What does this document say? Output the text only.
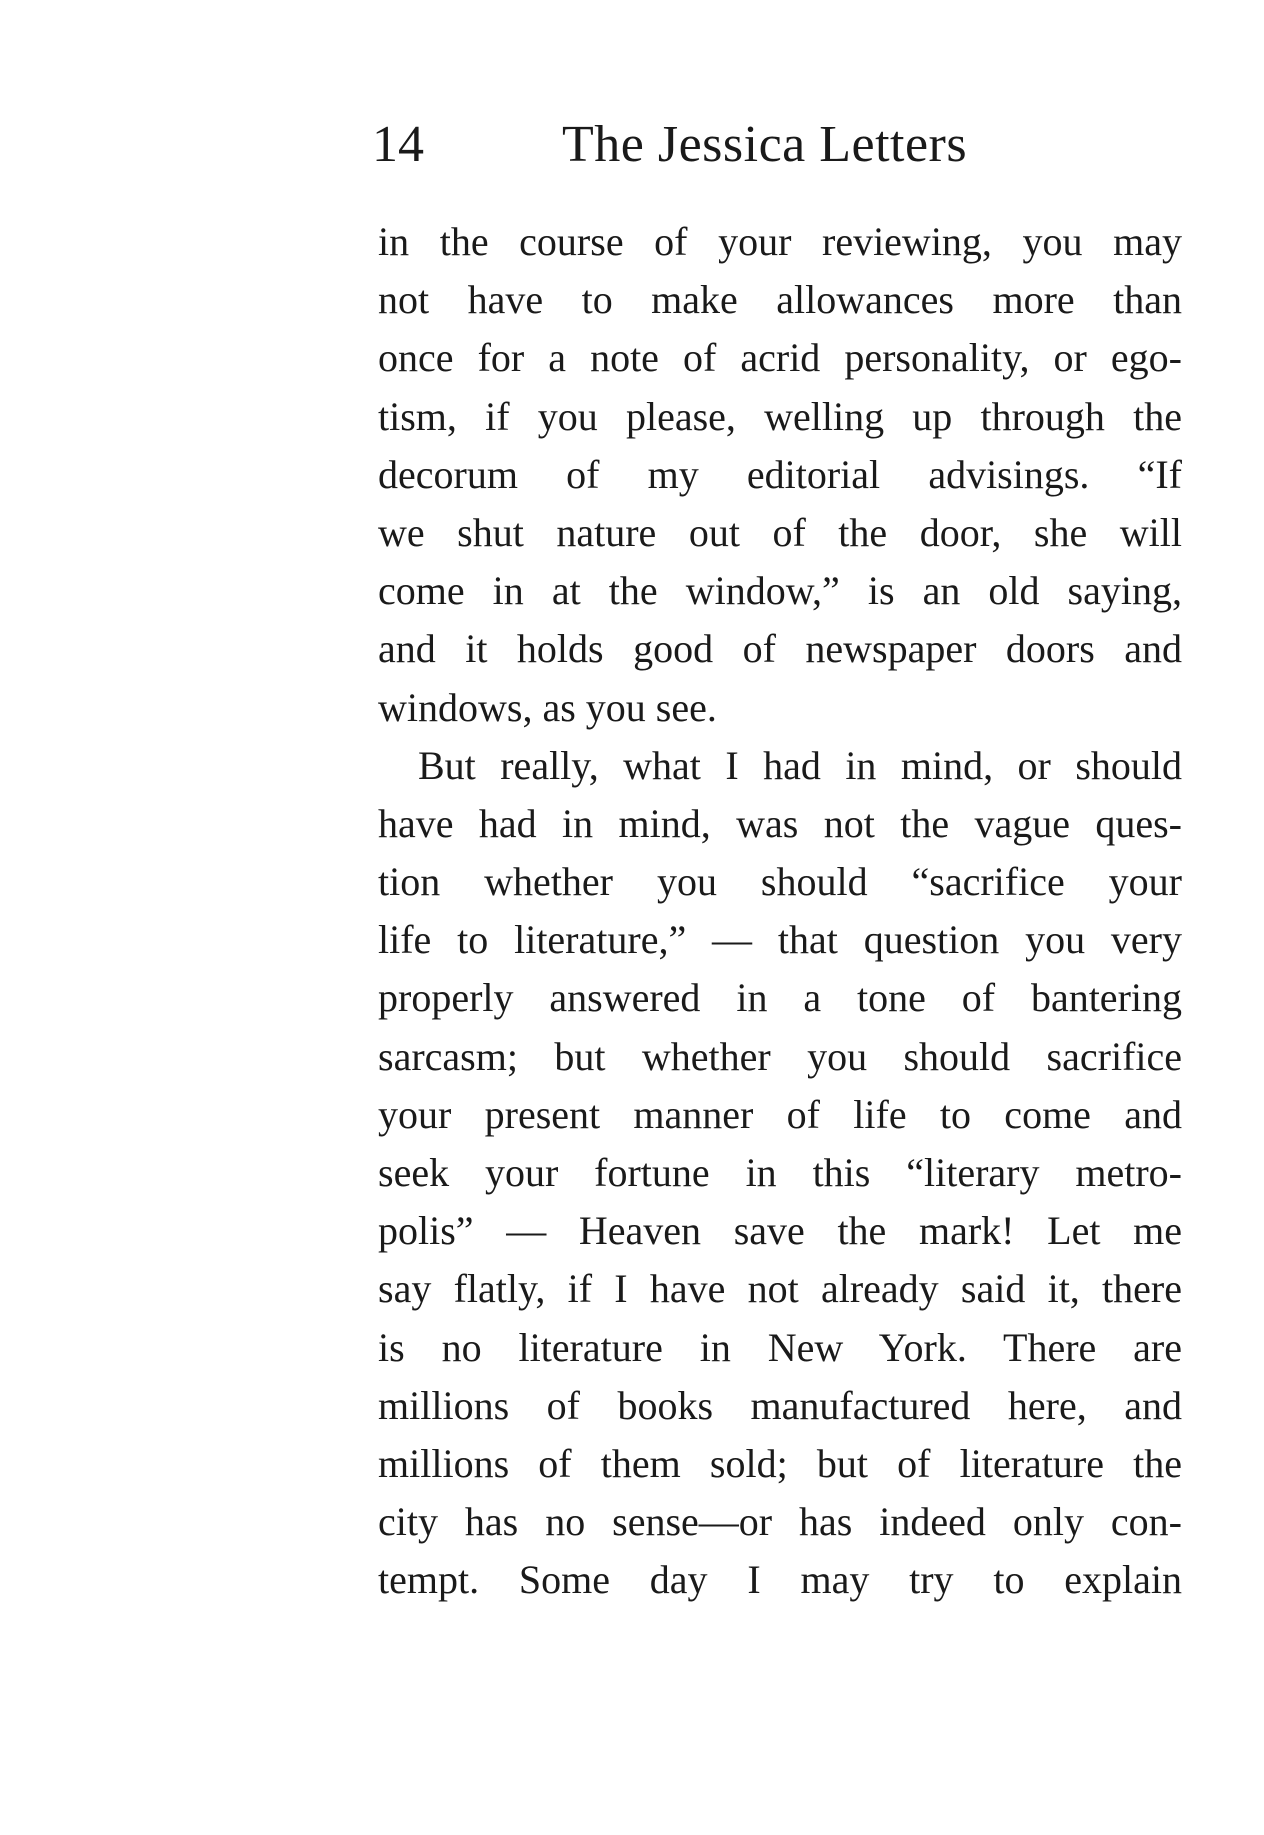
14	The Jessica Letters
in the course of your reviewing, you may
not have to make allowances more than
once for a note of acrid personality, or ego-
tism, if you please, welling up through the
decorum of my editorial advisings. “If
we shut nature out of the door, she will
come in at the window,” is an old saying,
and it holds good of newspaper doors and
windows, as you see.
But really, what I had in mind, or should
have had in mind, was not the vague ques-
tion whether you should “sacrifice your
life to literature,” — that question you very
properly answered in a tone of bantering
sarcasm; but whether you should sacrifice
your present manner of life to come and
seek your fortune in this “literary metro-
polis” — Heaven save the mark! Let me
say flatly, if I have not already said it, there
is no literature in New York. There are
millions of books manufactured here, and
millions of them sold; but of literature the
city has no sense—or has indeed only con-
tempt. Some day I may try to explain
